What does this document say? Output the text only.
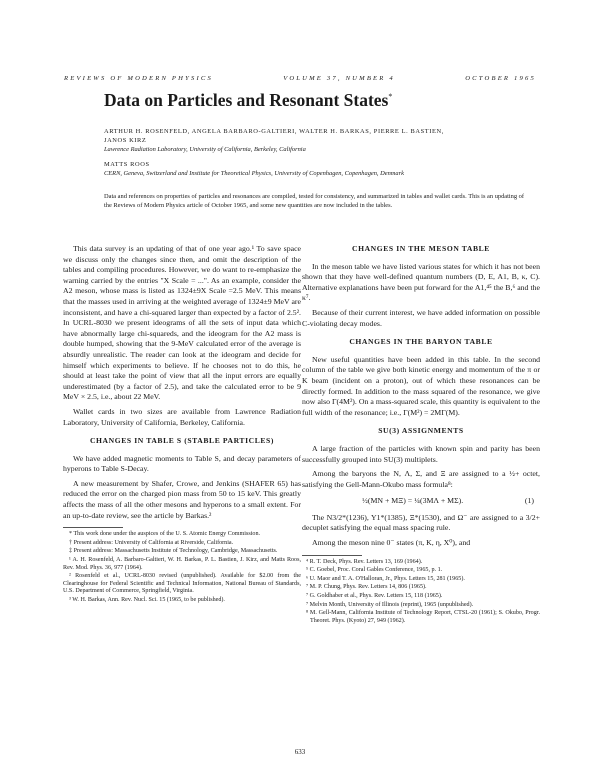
REVIEWS OF MODERN PHYSICS	VOLUME 37, NUMBER 4	OCTOBER 1965
Data on Particles and Resonant States*
ARTHUR H. ROSENFELD, ANGELA BARBARO-GALTIERI, WALTER H. BARKAS, PIERRE L. BASTIEN,
JANOS KIRZ
Lawrence Radiation Laboratory, University of California, Berkeley, California
MATTS ROOS
CERN, Geneva, Switzerland and Institute for Theoretical Physics, University of Copenhagen, Copenhagen, Denmark
Data and references on properties of particles and resonances are compiled, tested for consistency, and summarized in tables and wallet cards. This is an updating of the Reviews of Modern Physics article of October 1965, and some new quantities are now included in the tables.

This data survey is an updating of that of one year ago.¹ To save space we discuss only the changes since then, and omit the description of the tables and compiling procedures. However, we do want to re-emphasize the warning carried by the entries "X Scale = ...". As an example, consider the A2 meson, whose mass is listed as 1324±9X Scale =2.5 MeV. This means that the masses used in arriving at the weighted average of 1324±9 MeV are inconsistent, and have a chi-squared larger than expected by a factor of 2.5². In UCRL-8030 we present ideograms of all the sets of input data which have abnormally large chi-squareds, and the ideogram for the A2 mass is double humped, showing that the 9-MeV calculated error of the average is absurdly unrealistic. The reader can look at the ideogram and decide for himself which experiments to believe. If he chooses not to do this, he should at least take the point of view that all the input errors are equally underestimated (by a factor of 2.5), and take the calculated error to be 9 MeV × 2.5, i.e., about 22 MeV.

Wallet cards in two sizes are available from Lawrence Radiation Laboratory, University of California, Berkeley, California.

CHANGES IN TABLE S (STABLE PARTICLES)

We have added magnetic moments to Table S, and decay parameters of hyperons to Table S-Decay.

A new measurement by Shafer, Crowe, and Jenkins (SHAFER 65) has reduced the error on the charged pion mass from 50 to 15 keV. This greatly affects the mass of all the other mesons and hyperons to a small extent. For an up-to-date review, see the article by Barkas.²

* This work done under the auspices of the U. S. Atomic Energy Commission.

† Present address: University of California at Riverside, California.

‡ Present address: Massachusetts Institute of Technology, Cambridge, Massachusetts.

¹ A. H. Rosenfeld, A. Barbaro-Galtieri, W. H. Barkas, P. L. Bastien, J. Kirz, and Matts Roos, Rev. Mod. Phys. 36, 977 (1964).

² Rosenfeld et al., UCRL-8030 revised (unpublished). Available for $2.00 from the Clearinghouse for Federal Scientific and Technical Information, National Bureau of Standards, U.S. Department of Commerce, Springfield, Virginia.

³ W. H. Barkas, Ann. Rev. Nucl. Sci. 15 (1965, to be published).

CHANGES IN THE MESON TABLE

In the meson table we have listed various states for which it has not been shown that they have well-defined quantum numbers (D, E, A1, B, κ, C). Alternative explanations have been put forward for the A1,⁴⁵ the B,⁶ and the κ⁷.

Because of their current interest, we have added information on possible C-violating decay modes.

CHANGES IN THE BARYON TABLE

New useful quantities have been added in this table. In the second column of the table we give both kinetic energy and momentum of the π or K beam (incident on a proton), out of which these resonances can be directly formed. In addition to the mass squared of the resonance, we give now also Γ(4M²). On a mass-squared scale, this quantity is equivalent to the full width of the resonance; i.e., Γ(M²) = 2MΓ(M).

SU(3) ASSIGNMENTS

A large fraction of the particles with known spin and parity has been successfully grouped into SU(3) multiplets.

Among the baryons the N, Λ, Σ, and Ξ are assigned to a ½+ octet, satisfying the Gell-Mann-Okubo mass formula⁸:

½(MN + MΞ) = ¼(3MΛ + MΣ).	(1)

The N3/2*(1236), Y1*(1385), Ξ*(1530), and Ω⁻ are assigned to a 3/2+ decuplet satisfying the equal mass spacing rule.

Among the meson nine 0⁻ states (π, K, η, X⁰), and

⁴ R. T. Deck, Phys. Rev. Letters 13, 169 (1964).

⁵ C. Goebel, Proc. Coral Gables Conference, 1965, p. 1.

⁶ U. Maor and T. A. O'Halloran, Jr., Phys. Letters 15, 281 (1965).

⁷ M. P. Chung, Phys. Rev. Letters 14, 806 (1965).

⁷ G. Goldhaber et al., Phys. Rev. Letters 15, 118 (1965).

⁷ Melvin Month, University of Illinois (reprint), 1965 (unpublished).

⁸ M. Gell-Mann, California Institute of Technology Report, CTSL-20 (1961); S. Okubo, Progr. Theoret. Phys. (Kyoto) 27, 949 (1962).

633
